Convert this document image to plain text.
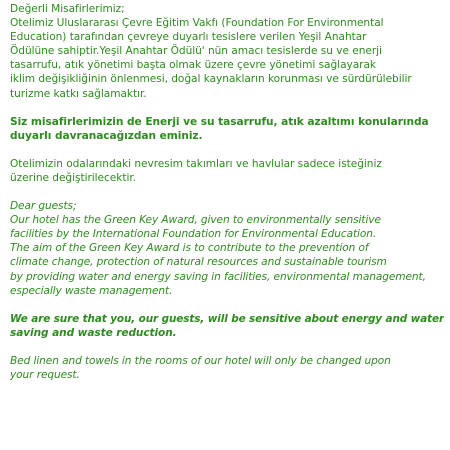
Değerli Misafirlerimiz;
Otelimiz Uluslararası Çevre Eğitim Vakfı (Foundation For Environmental
Education) tarafından çevreye duyarlı tesislere verilen Yeşil Anahtar
Ödülüne sahiptir.Yeşil Anahtar Ödülü' nün amacı tesislerde su ve enerji
tasarrufu, atık yönetimi başta olmak üzere çevre yönetimi sağlayarak
iklim değişikliğinin önlenmesi, doğal kaynakların korunması ve sürdürülebilir
turizme katkı sağlamaktır.
Siz misafirlerimizin de Enerji ve su tasarrufu, atık azaltımı konularında
duyarlı davranacağızdan eminiz.
Otelimizin odalarındaki nevresim takımları ve havlular sadece isteğiniz
üzerine değiştirilecektir.
Dear guests;
Our hotel has the Green Key Award, given to environmentally sensitive
facilities by the International Foundation for Environmental Education.
The aim of the Green Key Award is to contribute to the prevention of
climate change, protection of natural resources and sustainable tourism
by providing water and energy saving in facilities, environmental management,
especially waste management.
We are sure that you, our guests, will be sensitive about energy and water
saving and waste reduction.
Bed linen and towels in the rooms of our hotel will only be changed upon
your request.
